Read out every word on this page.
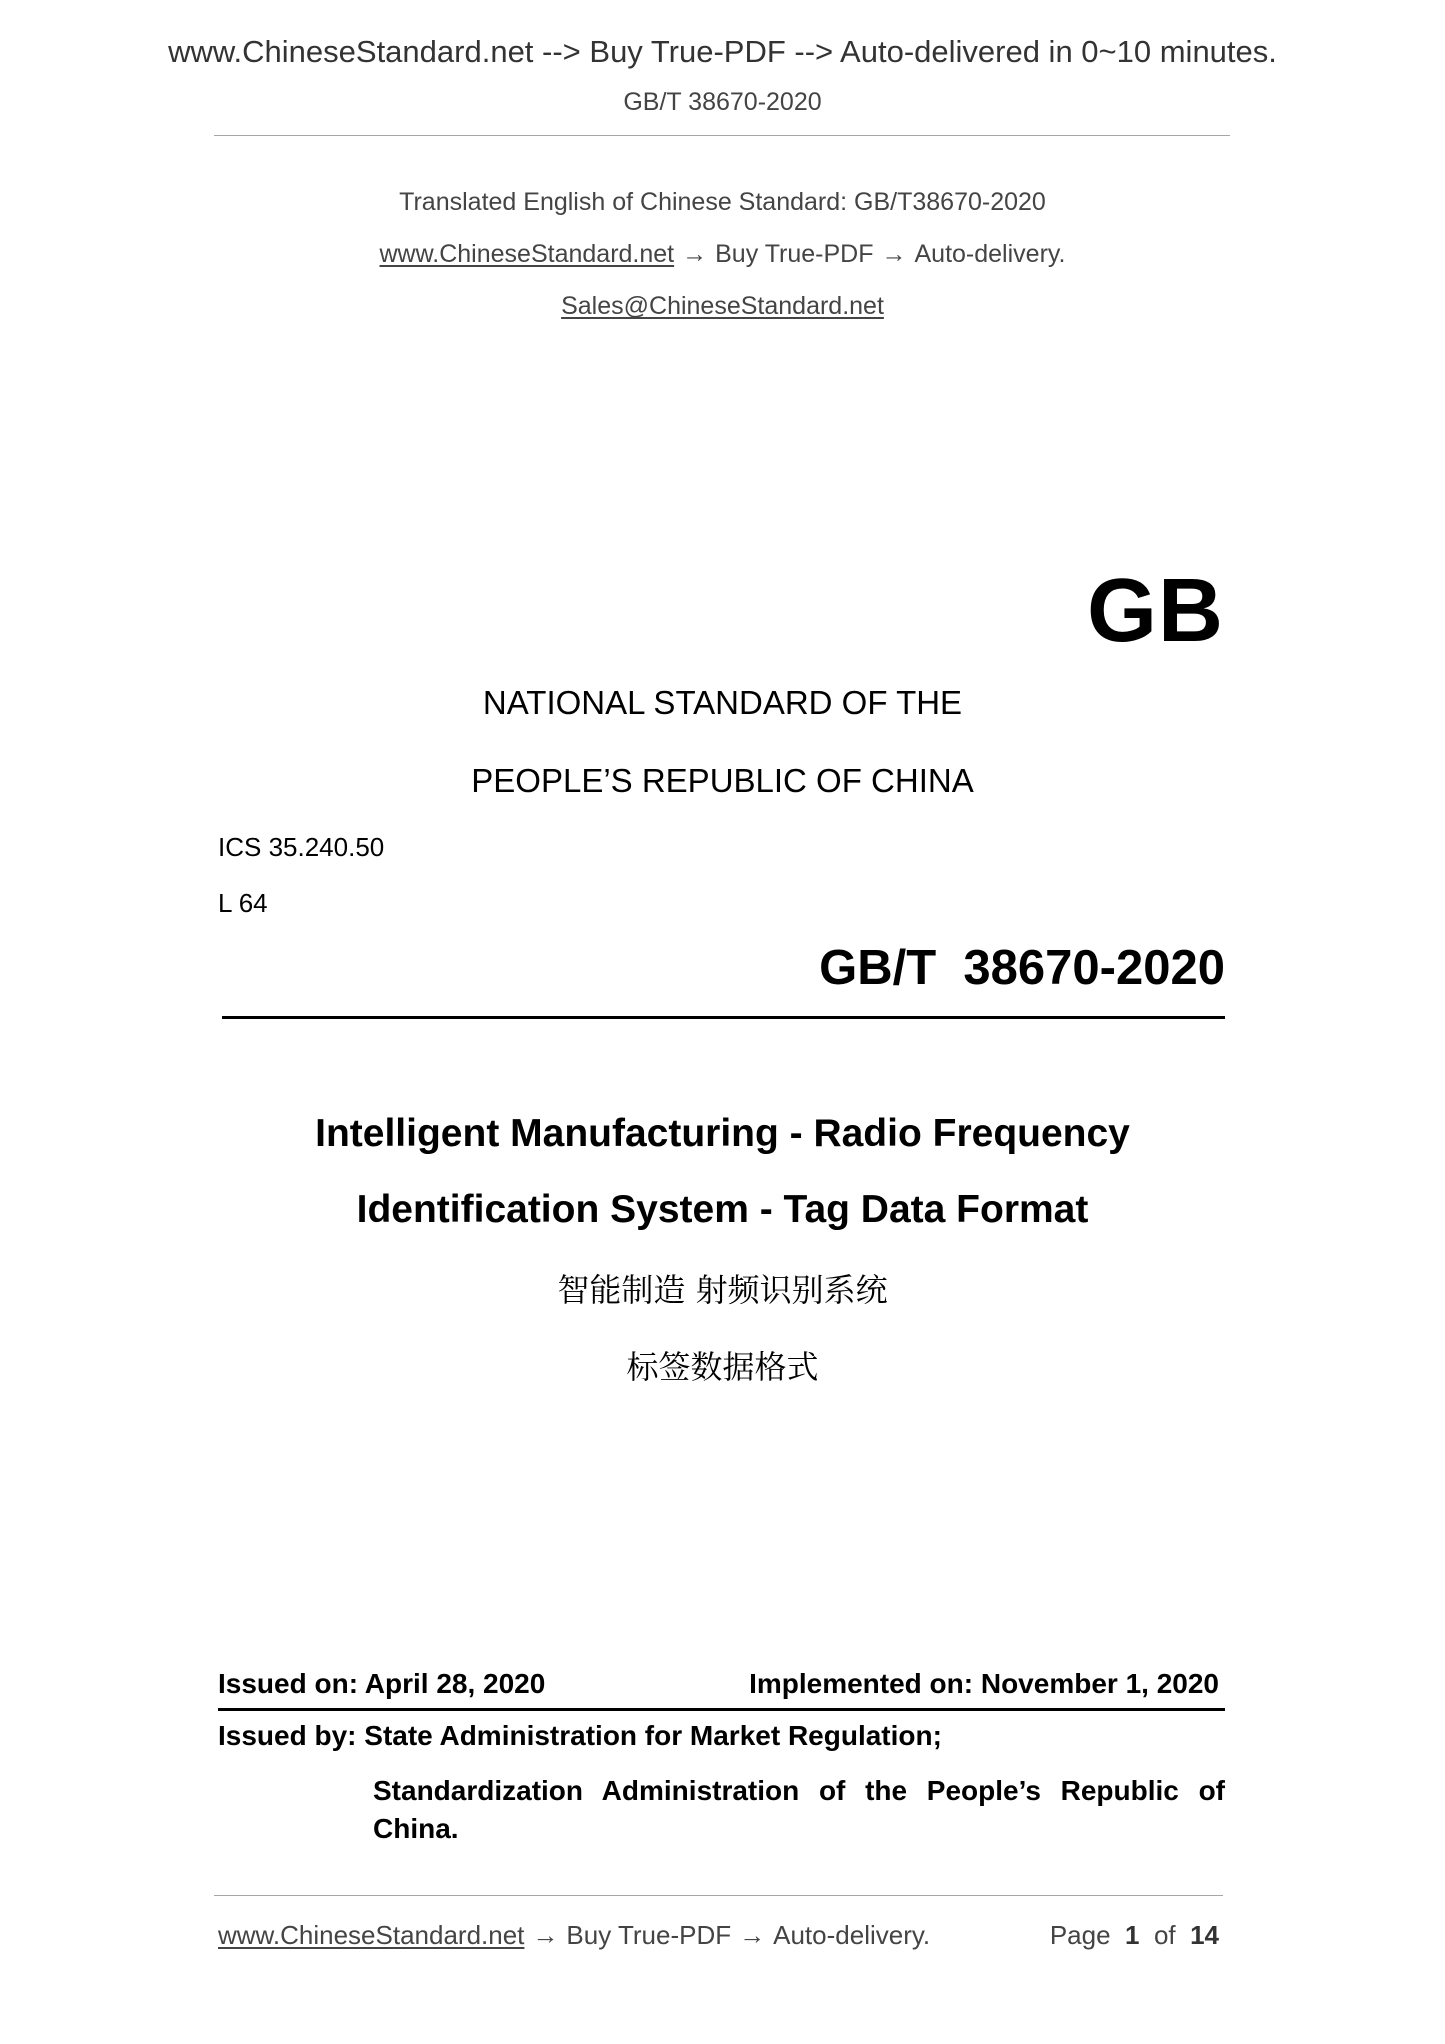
www.ChineseStandard.net --> Buy True-PDF --> Auto-delivered in 0~10 minutes.
GB/T 38670-2020
Translated English of Chinese Standard: GB/T38670-2020
www.ChineseStandard.net → Buy True-PDF → Auto-delivery.
Sales@ChineseStandard.net
GB
NATIONAL STANDARD OF THE
PEOPLE’S REPUBLIC OF CHINA
ICS 35.240.50
L 64
GB/T 38670-2020
Intelligent Manufacturing - Radio Frequency
Identification System - Tag Data Format
智能制造 射频识别系统
标签数据格式
Issued on: April 28, 2020	Implemented on: November 1, 2020
Issued by: State Administration for Market Regulation;
Standardization Administration of the People’s Republic of China.
www.ChineseStandard.net → Buy True-PDF → Auto-delivery.	Page 1 of 14
